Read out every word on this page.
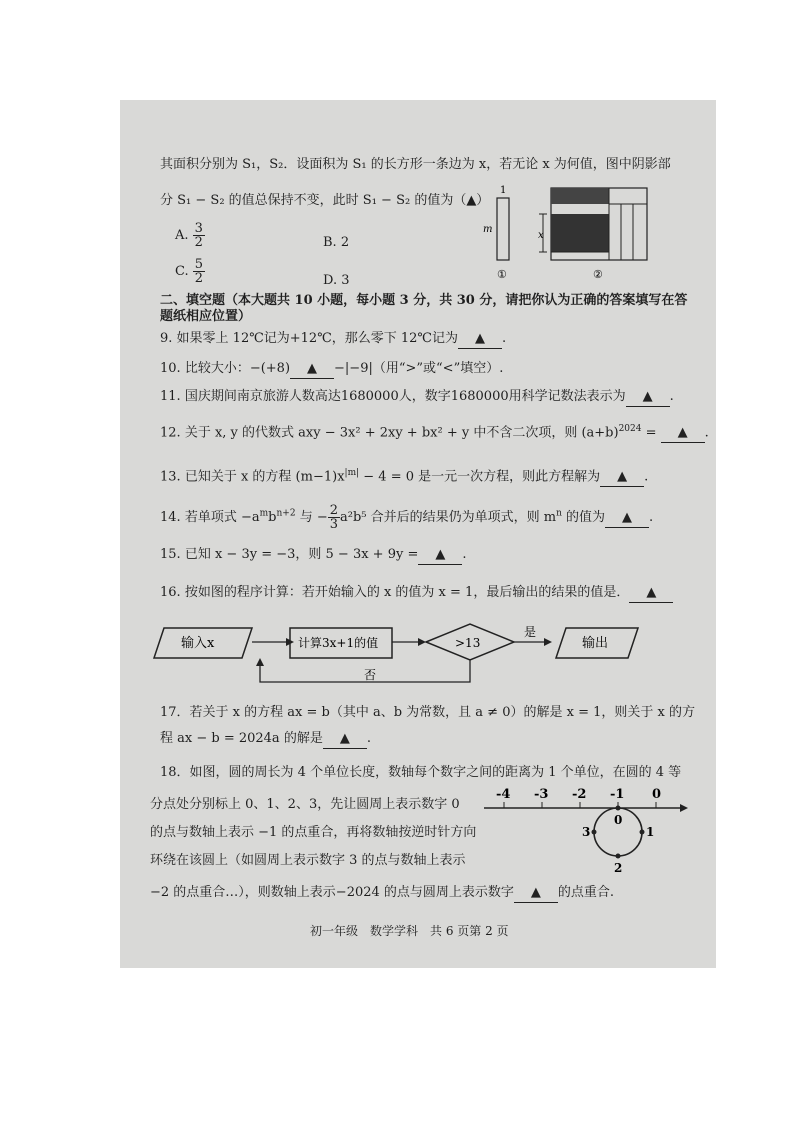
其面积分别为 S₁，S₂．设面积为 S₁ 的长方形一条边为 x，若无论 x 为何值，图中阴影部
分 S₁ − S₂ 的值总保持不变，此时 S₁ − S₂ 的值为（▲）
A. $\frac{3}{2}$	B. 2
C. $\frac{5}{2}$	D. 3
1
m
①
x
②
二、填空题（本大题共 10 小题，每小题 3 分，共 30 分，请把你认为正确的答案填写在答
题纸相应位置）
9. 如果零上 12℃记为+12℃，那么零下 12℃记为 ▲ .
10. 比较大小：−(+8) ▲ −|−9|（用“>”或“<”填空）.
11. 国庆期间南京旅游人数高达1680000人，数字1680000用科学记数法表示为 ▲ .
12. 关于 x, y 的代数式 axy − 3x² + 2xy + bx² + y 中不含二次项，则 $(a+b)^{2024}$ = ▲ .
13. 已知关于 x 的方程 $(m-1)x^{|m|} - 4 = 0$ 是一元一次方程，则此方程解为 ▲ .
14. 若单项式 $-a^mb^{n+2}$ 与 − $\frac{2}{3} a^2b^5$ 合并后的结果仍为单项式，则 $m^n$ 的值为 ▲ .
15. 已知 x − 3y = −3，则 5 − 3x + 9y = ▲ .
16. 按如图的程序计算：若开始输入的 x 的值为 x = 1，最后输出的结果的值是． ▲
输入x	计算3x+1的值	>13
是
否
输出
17．若关于 x 的方程 ax = b（其中 a、b 为常数，且 a ≠ 0）的解是 x = 1，则关于 x 的方
程 ax − b = 2024a 的解是 ▲ .
18．如图，圆的周长为 4 个单位长度，数轴每个数字之间的距离为 1 个单位，在圆的 4 等
分点处分别标上 0、1、2、3，先让圆周上表示数字 0
的点与数轴上表示 −1 的点重合，再将数轴按逆时针方向
环绕在该圆上（如圆周上表示数字 3 的点与数轴上表示
−2 的点重合…），则数轴上表示−2024 的点与圆周上表示数字 ▲ 的点重合.
-4 -3 -2 -1 0
0
1
2
3
初一年级　数学学科　共 6 页第 2 页
